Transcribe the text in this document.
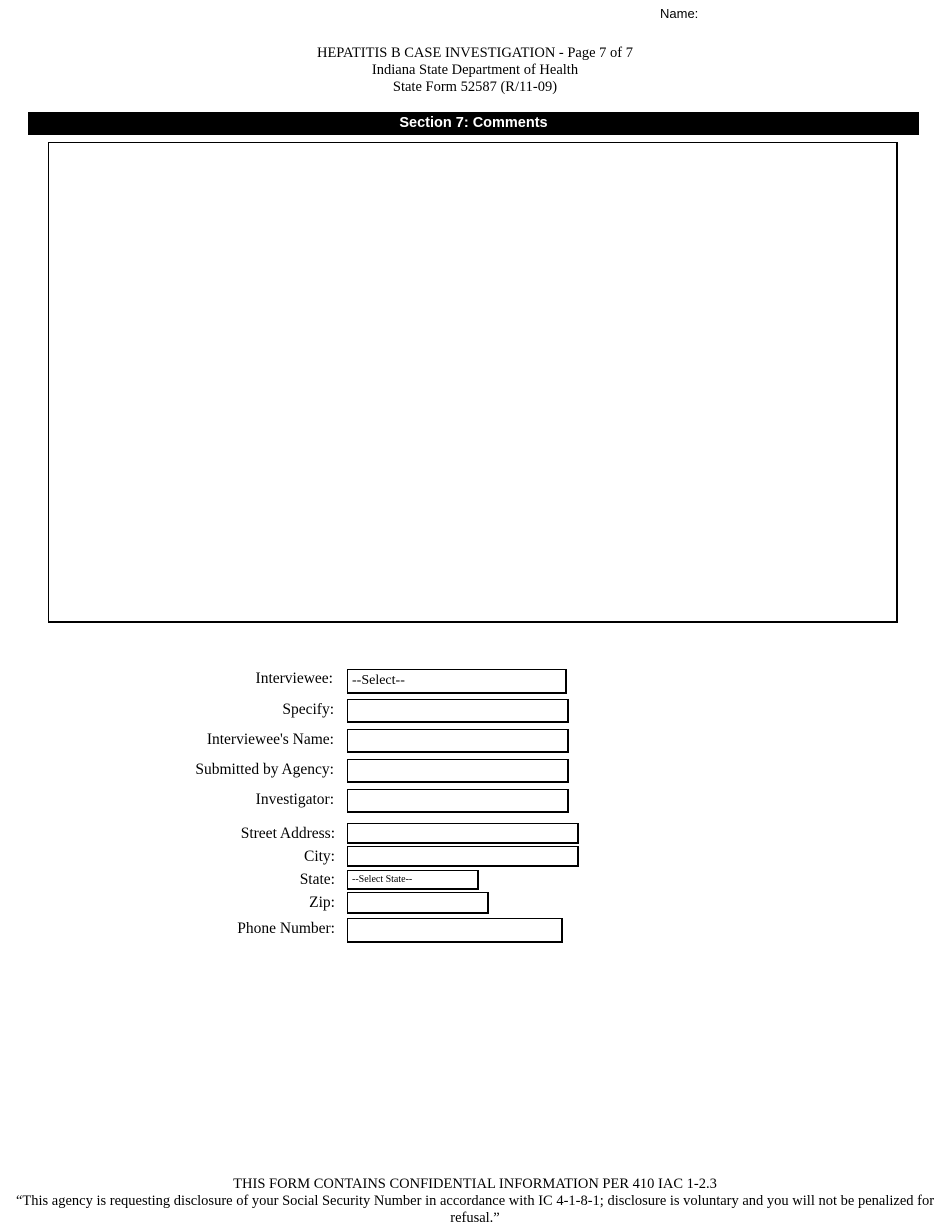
Name:
HEPATITIS B CASE INVESTIGATION - Page 7 of 7
Indiana State Department of Health
State Form 52587 (R/11-09)
Section 7: Comments
Interviewee:	--Select--
Specify:
Interviewee's Name:
Submitted by Agency:
Investigator:
Street Address:
City:
State:	--Select State--
Zip:
Phone Number:
THIS FORM CONTAINS CONFIDENTIAL INFORMATION PER 410 IAC 1-2.3
“This agency is requesting disclosure of your Social Security Number in accordance with IC 4-1-8-1; disclosure is voluntary and you will not be penalized for refusal.”
